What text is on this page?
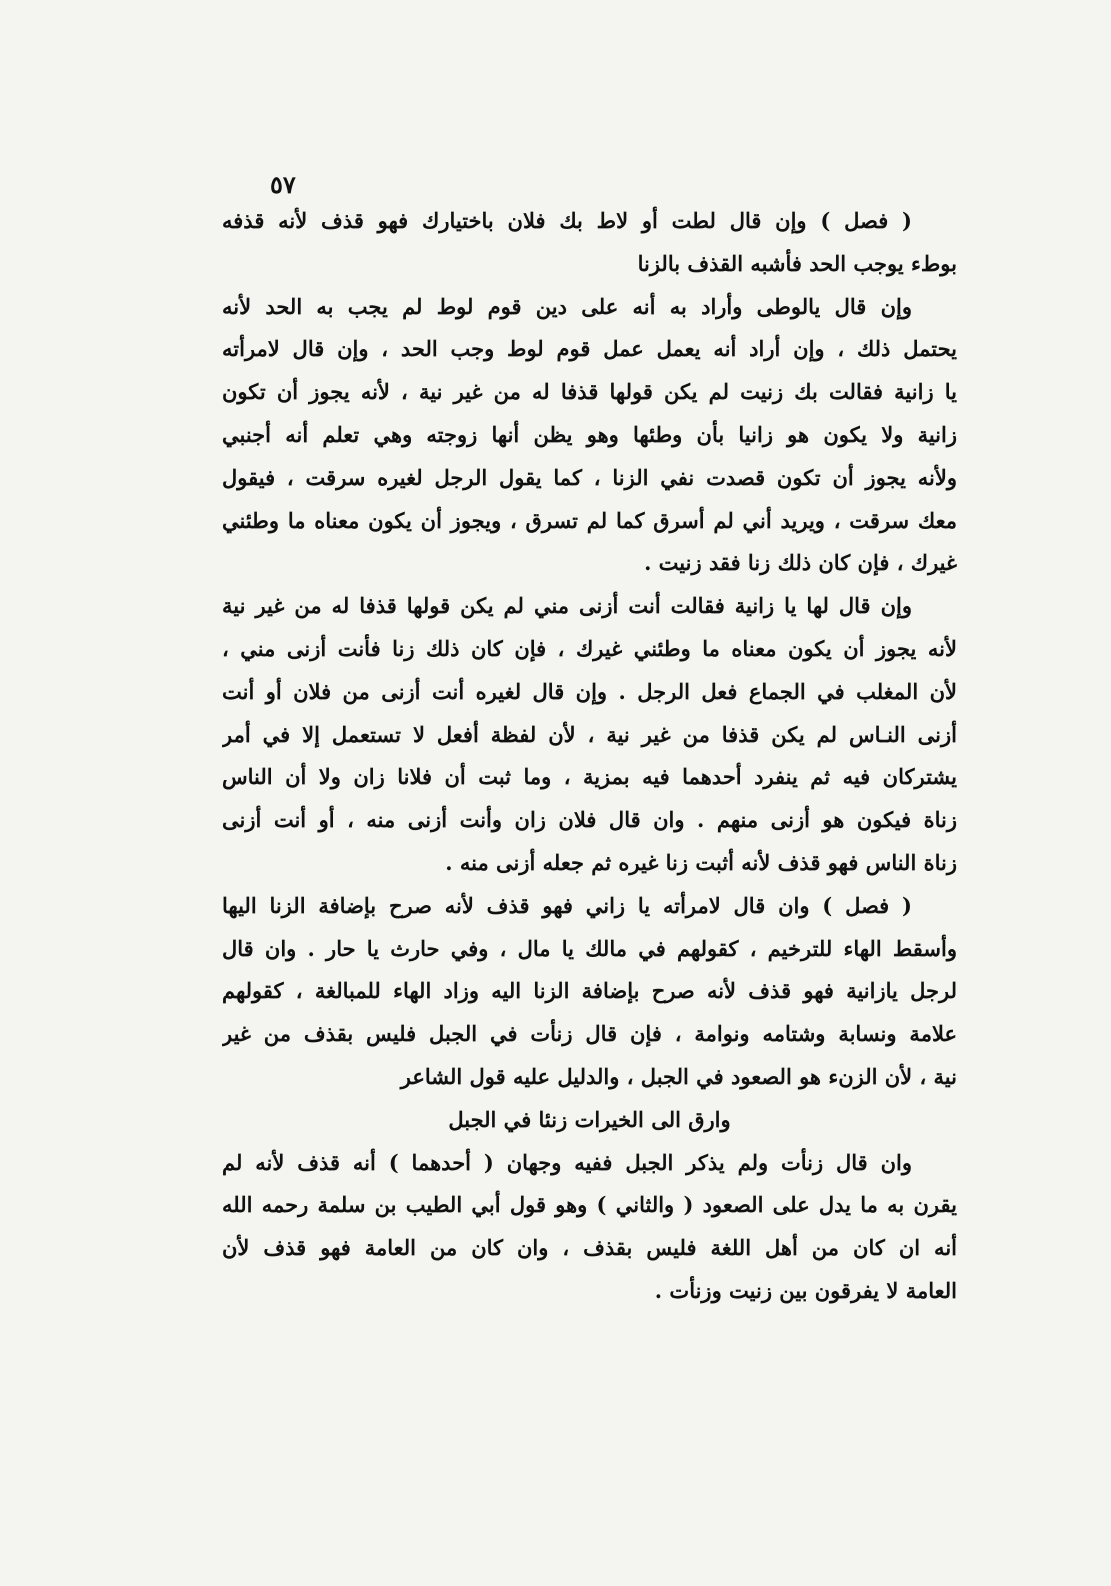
٥٧
( فصل ) وإن قال لطت أو لاط بك فلان باختيارك فهو قذف لأنه قذفه
بوطء يوجب الحد فأشبه القذف بالزنا
وإن قال يالوطى وأراد به أنه على دين قوم لوط لم يجب به الحد لأنه
يحتمل ذلك ، وإن أراد أنه يعمل عمل قوم لوط وجب الحد ، وإن قال لامرأته
يا زانية فقالت بك زنيت لم يكن قولها قذفا له من غير نية ، لأنه يجوز أن تكون
زانية ولا يكون هو زانيا بأن وطئها وهو يظن أنها زوجته وهي تعلم أنه أجنبي
ولأنه يجوز أن تكون قصدت نفي الزنا ، كما يقول الرجل لغيره سرقت ، فيقول
معك سرقت ، ويريد أني لم أسرق كما لم تسرق ، ويجوز أن يكون معناه ما وطئني
غيرك ، فإن كان ذلك زنا فقد زنيت .
وإن قال لها يا زانية فقالت أنت أزنى مني لم يكن قولها قذفا له من غير نية
لأنه يجوز أن يكون معناه ما وطئني غيرك ، فإن كان ذلك زنا فأنت أزنى مني ،
لأن المغلب في الجماع فعل الرجل . وإن قال لغيره أنت أزنى من فلان أو أنت
أزنى النـاس لم يكن قذفا من غير نية ، لأن لفظة أفعل لا تستعمل إلا في أمر
يشتركان فيه ثم ينفرد أحدهما فيه بمزية ، وما ثبت أن فلانا زان ولا أن الناس
زناة فيكون هو أزنى منهم . وان قال فلان زان وأنت أزنى منه ، أو أنت أزنى
زناة الناس فهو قذف لأنه أثبت زنا غيره ثم جعله أزنى منه .
( فصل ) وان قال لامرأته يا زاني فهو قذف لأنه صرح بإضافة الزنا اليها
وأسقط الهاء للترخيم ، كقولهم في مالك يا مال ، وفي حارث يا حار . وان قال
لرجل يازانية فهو قذف لأنه صرح بإضافة الزنا اليه وزاد الهاء للمبالغة ، كقولهم
علامة ونسابة وشتامه ونوامة ، فإن قال زنأت في الجبل فليس بقذف من غير
نية ، لأن الزنء هو الصعود في الجبل ، والدليل عليه قول الشاعر
وارق الى الخيرات زنئا في الجبل
وان قال زنأت ولم يذكر الجبل ففيه وجهان ( أحدهما ) أنه قذف لأنه لم
يقرن به ما يدل على الصعود ( والثاني ) وهو قول أبي الطيب بن سلمة رحمه الله
أنه ان كان من أهل اللغة فليس بقذف ، وان كان من العامة فهو قذف لأن
العامة لا يفرقون بين زنيت وزنأت .
